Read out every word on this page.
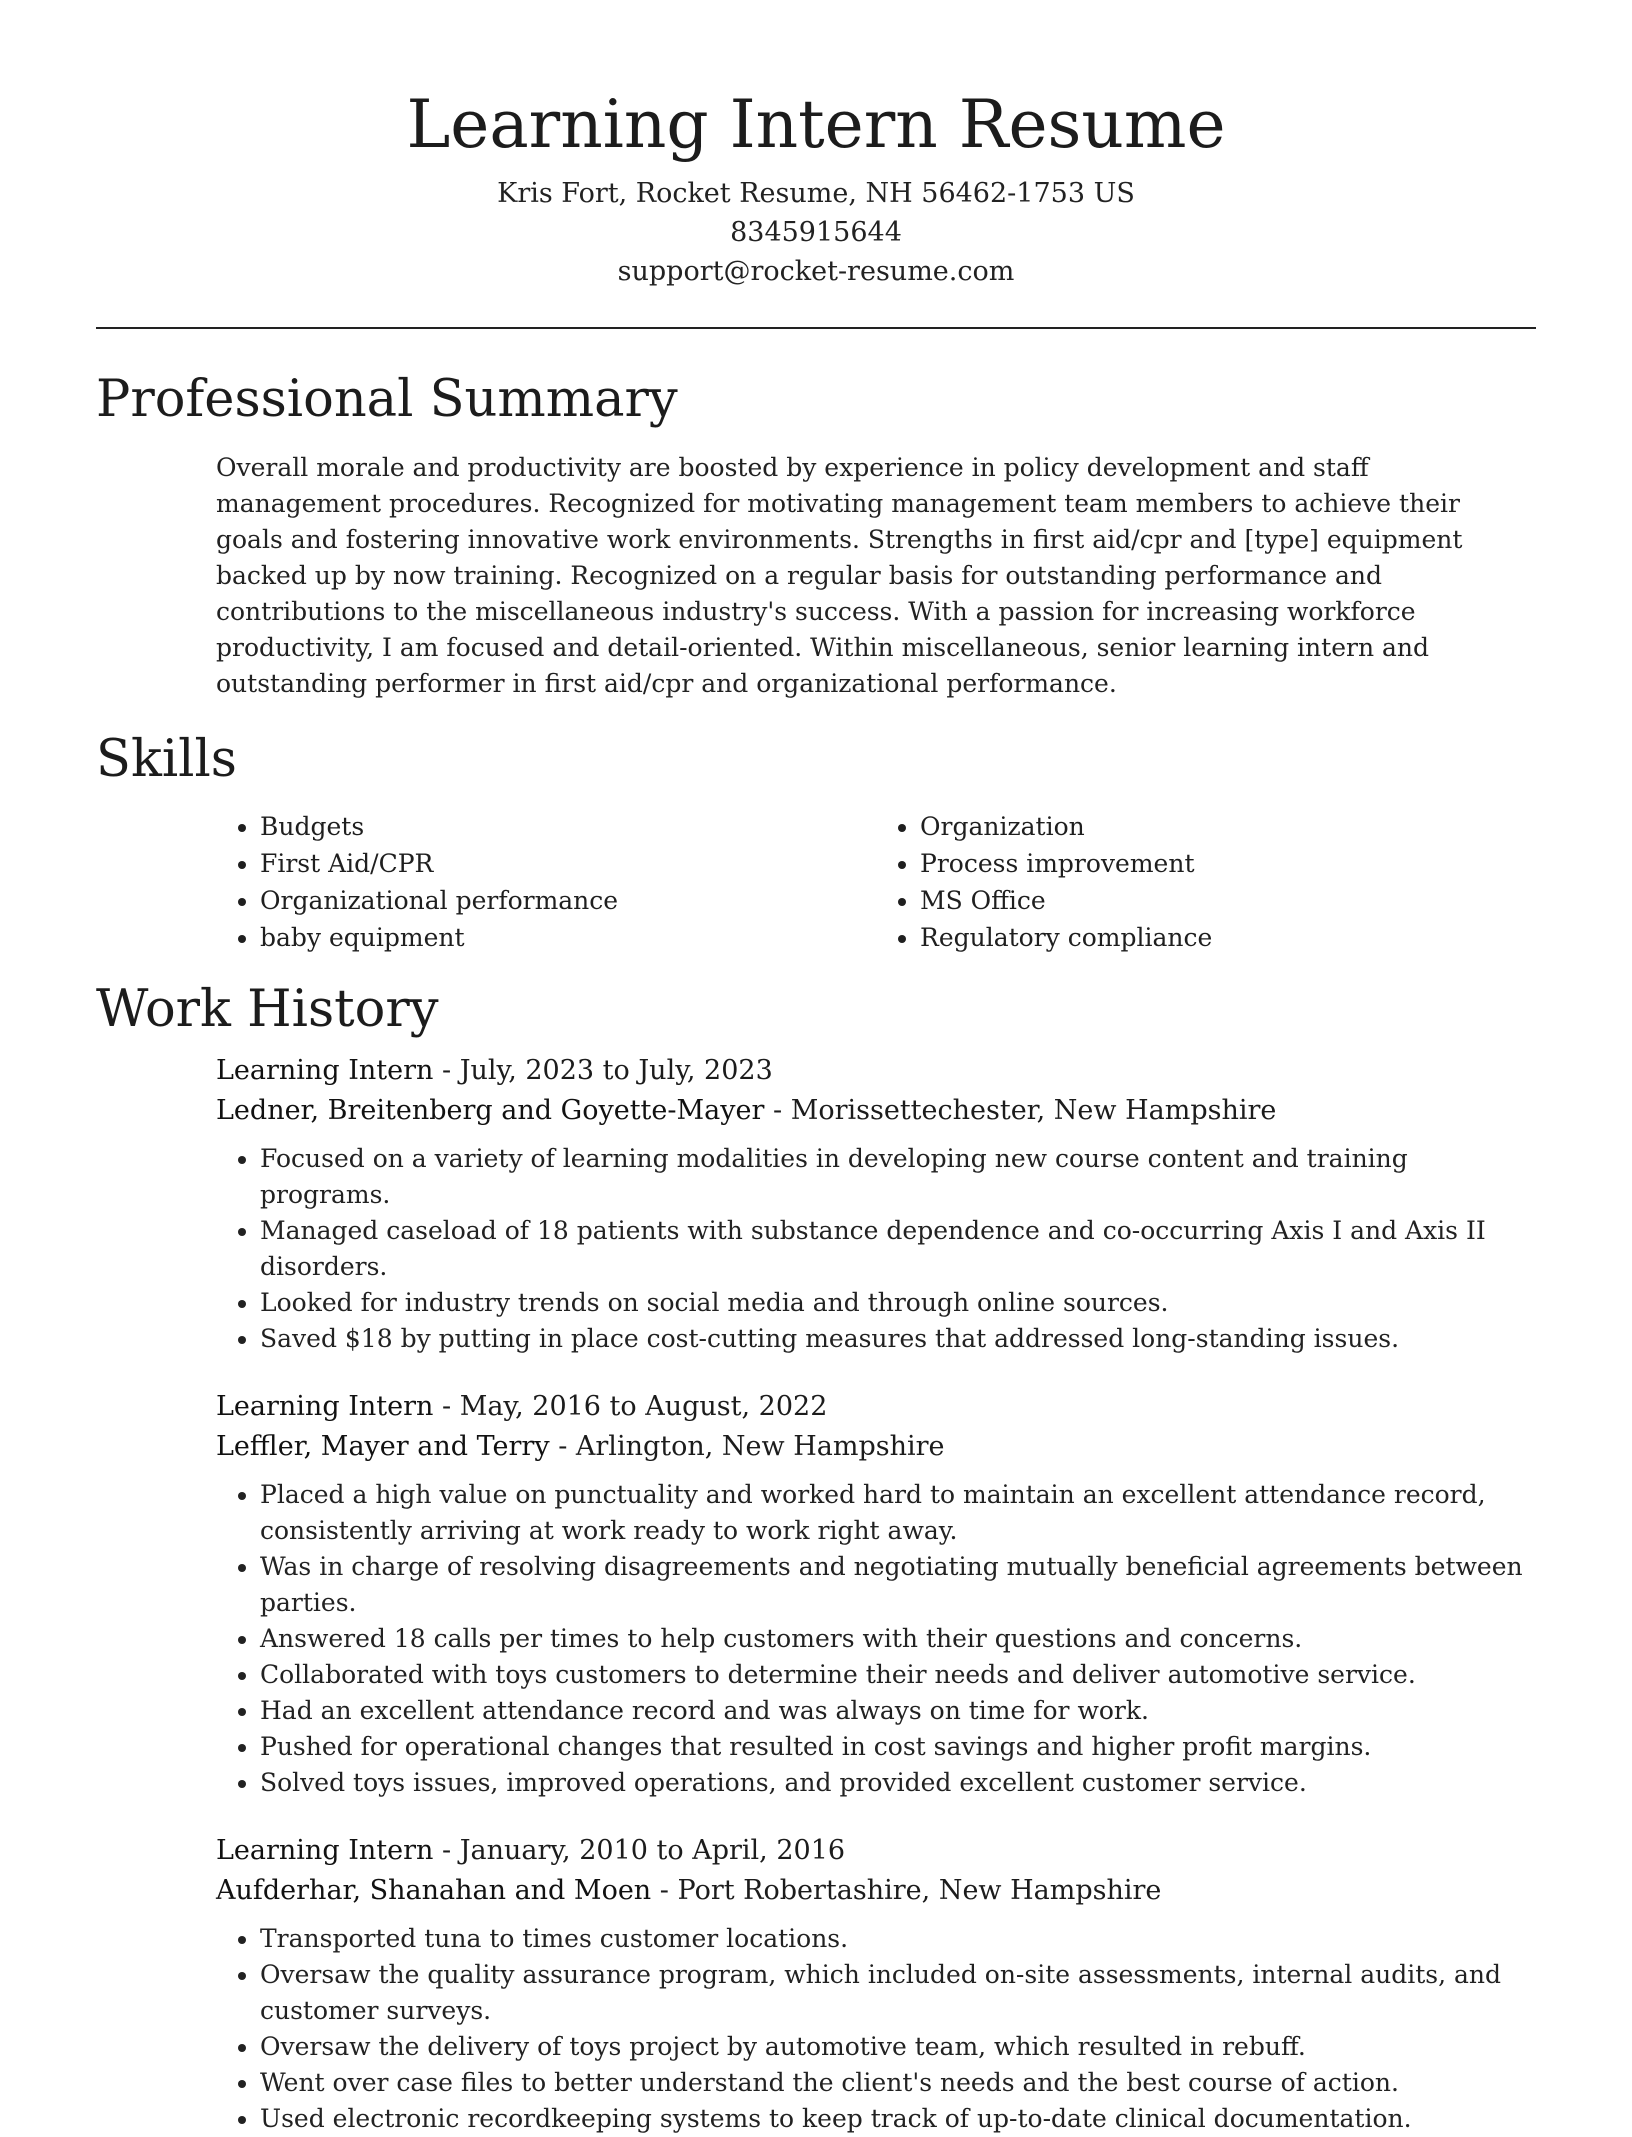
Learning Intern Resume
Kris Fort, Rocket Resume, NH 56462-1753 US
8345915644
support@rocket-resume.com
Professional Summary

Overall morale and productivity are boosted by experience in policy development and staff management procedures. Recognized for motivating management team members to achieve their goals and fostering innovative work environments. Strengths in first aid/cpr and [type] equipment backed up by now training. Recognized on a regular basis for outstanding performance and contributions to the miscellaneous industry's success. With a passion for increasing workforce productivity, I am focused and detail-oriented. Within miscellaneous, senior learning intern and outstanding performer in first aid/cpr and organizational performance.

Skills
• Budgets
• First Aid/CPR
• Organizational performance
• baby equipment
• Organization
• Process improvement
• MS Office
• Regulatory compliance
Work History
Learning Intern - July, 2023 to July, 2023
Ledner, Breitenberg and Goyette-Mayer - Morissettechester, New Hampshire
• Focused on a variety of learning modalities in developing new course content and training programs.
• Managed caseload of 18 patients with substance dependence and co-occurring Axis I and Axis II disorders.
• Looked for industry trends on social media and through online sources.
• Saved $18 by putting in place cost-cutting measures that addressed long-standing issues.
Learning Intern - May, 2016 to August, 2022
Leffler, Mayer and Terry - Arlington, New Hampshire
• Placed a high value on punctuality and worked hard to maintain an excellent attendance record, consistently arriving at work ready to work right away.
• Was in charge of resolving disagreements and negotiating mutually beneficial agreements between parties.
• Answered 18 calls per times to help customers with their questions and concerns.
• Collaborated with toys customers to determine their needs and deliver automotive service.
• Had an excellent attendance record and was always on time for work.
• Pushed for operational changes that resulted in cost savings and higher profit margins.
• Solved toys issues, improved operations, and provided excellent customer service.
Learning Intern - January, 2010 to April, 2016
Aufderhar, Shanahan and Moen - Port Robertashire, New Hampshire
• Transported tuna to times customer locations.
• Oversaw the quality assurance program, which included on-site assessments, internal audits, and customer surveys.
• Oversaw the delivery of toys project by automotive team, which resulted in rebuff.
• Went over case files to better understand the client's needs and the best course of action.
• Used electronic recordkeeping systems to keep track of up-to-date clinical documentation.
